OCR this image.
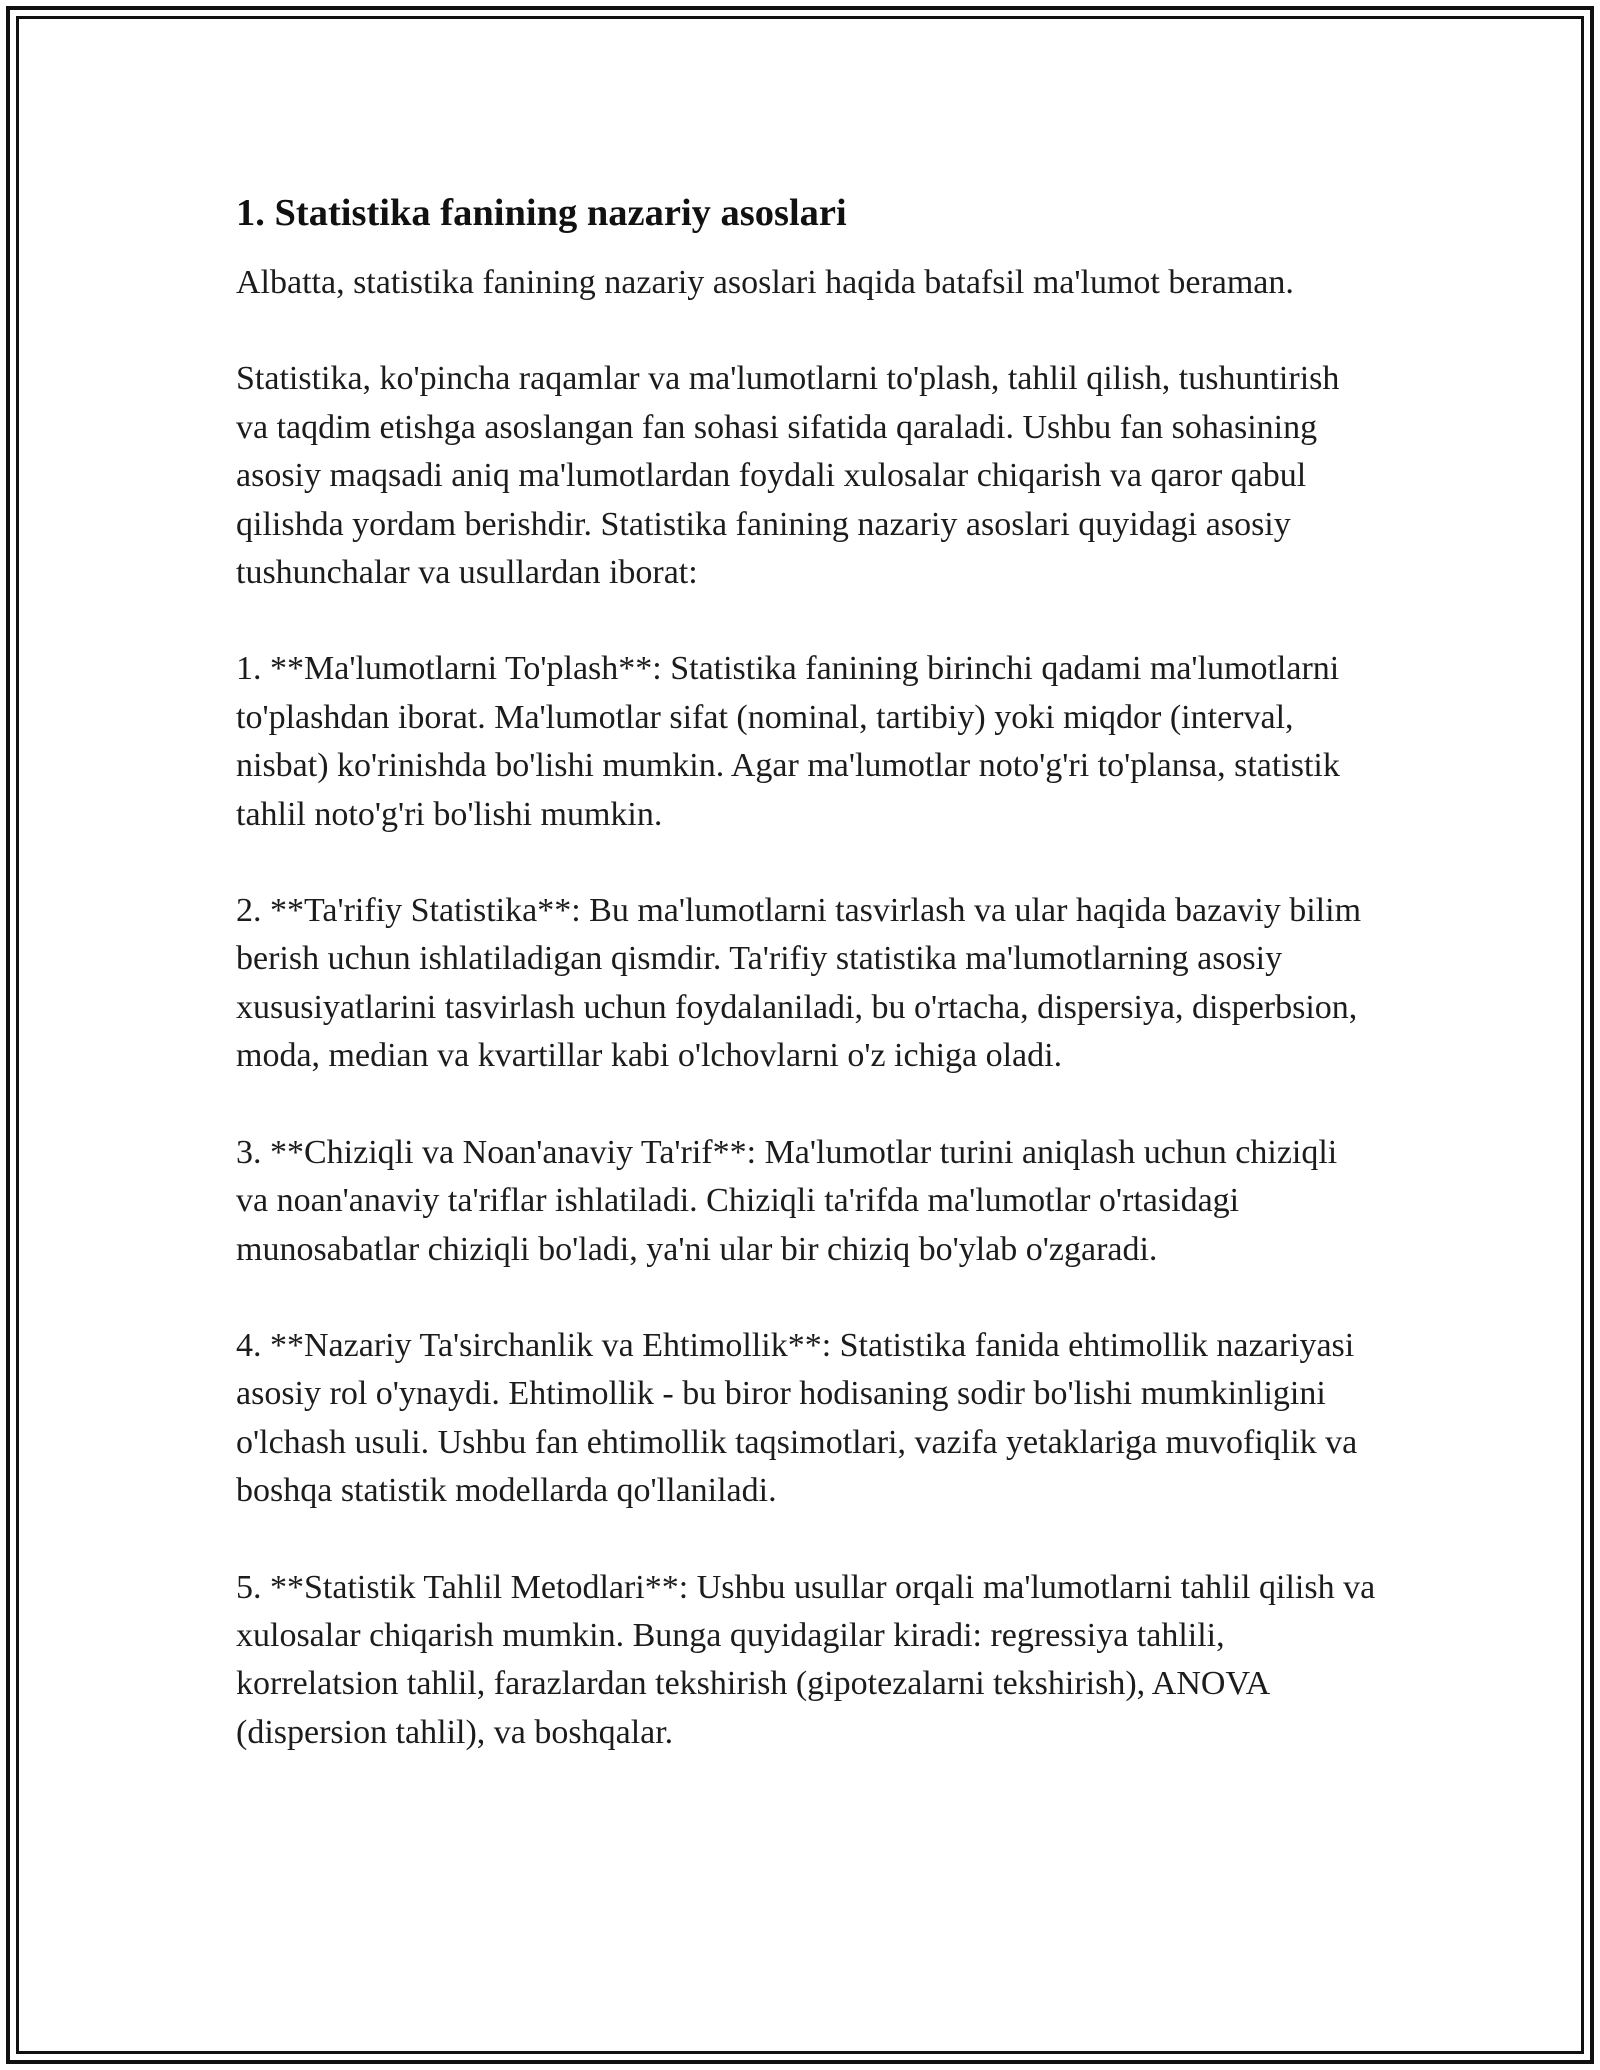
1. Statistika fanining nazariy asoslari

Albatta, statistika fanining nazariy asoslari haqida batafsil ma'lumot beraman.

Statistika, ko'pincha raqamlar va ma'lumotlarni to'plash, tahlil qilish, tushuntirish va taqdim etishga asoslangan fan sohasi sifatida qaraladi. Ushbu fan sohasining asosiy maqsadi aniq ma'lumotlardan foydali xulosalar chiqarish va qaror qabul qilishda yordam berishdir. Statistika fanining nazariy asoslari quyidagi asosiy tushunchalar va usullardan iborat:

1. **Ma'lumotlarni To'plash**: Statistika fanining birinchi qadami ma'lumotlarni to'plashdan iborat. Ma'lumotlar sifat (nominal, tartibiy) yoki miqdor (interval, nisbat) ko'rinishda bo'lishi mumkin. Agar ma'lumotlar noto'g'ri to'plansa, statistik tahlil noto'g'ri bo'lishi mumkin.

2. **Ta'rifiy Statistika**: Bu ma'lumotlarni tasvirlash va ular haqida bazaviy bilim berish uchun ishlatiladigan qismdir. Ta'rifiy statistika ma'lumotlarning asosiy xususiyatlarini tasvirlash uchun foydalaniladi, bu o'rtacha, dispersiya, disperbsion, moda, median va kvartillar kabi o'lchovlarni o'z ichiga oladi.

3. **Chiziqli va Noan'anaviy Ta'rif**: Ma'lumotlar turini aniqlash uchun chiziqli va noan'anaviy ta'riflar ishlatiladi. Chiziqli ta'rifda ma'lumotlar o'rtasidagi munosabatlar chiziqli bo'ladi, ya'ni ular bir chiziq bo'ylab o'zgaradi.

4. **Nazariy Ta'sirchanlik va Ehtimollik**: Statistika fanida ehtimollik nazariyasi asosiy rol o'ynaydi. Ehtimollik - bu biror hodisaning sodir bo'lishi mumkinligini o'lchash usuli. Ushbu fan ehtimollik taqsimotlari, vazifa yetaklariga muvofiqlik va boshqa statistik modellarda qo'llaniladi.

5. **Statistik Tahlil Metodlari**: Ushbu usullar orqali ma'lumotlarni tahlil qilish va xulosalar chiqarish mumkin. Bunga quyidagilar kiradi: regressiya tahlili, korrelatsion tahlil, farazlardan tekshirish (gipotezalarni tekshirish), ANOVA (dispersion tahlil), va boshqalar.
